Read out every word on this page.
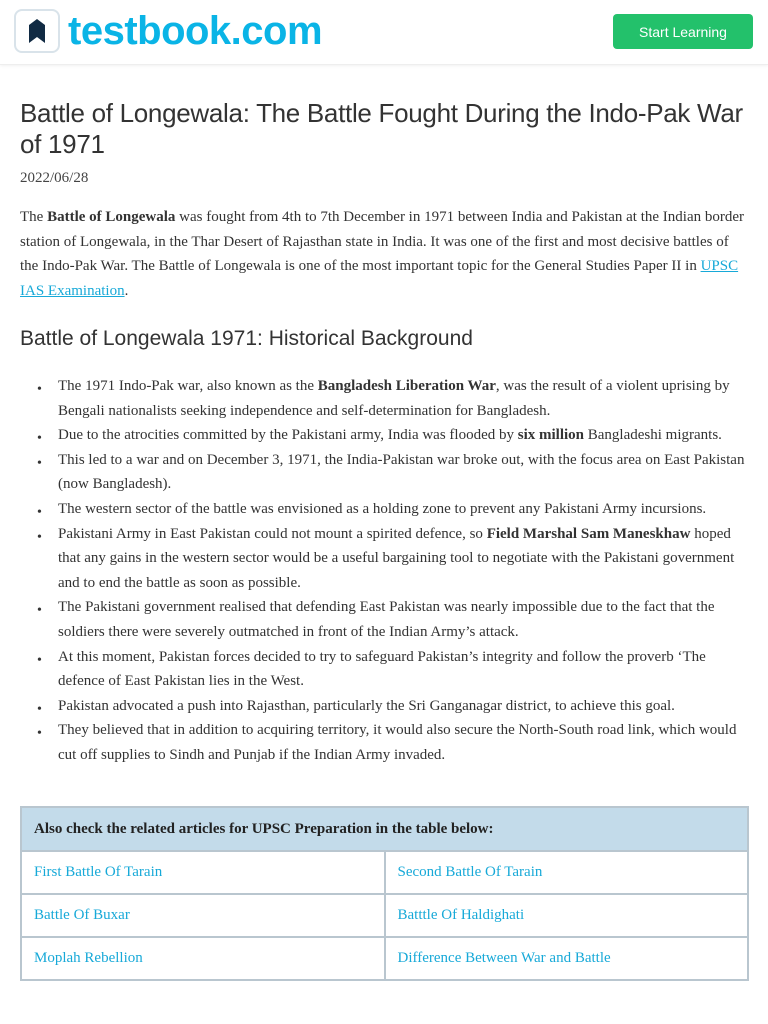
testbook.com	Start Learning
Battle of Longewala: The Battle Fought During the Indo-Pak War of 1971
2022/06/28

The Battle of Longewala was fought from 4th to 7th December in 1971 between India and Pakistan at the Indian border station of Longewala, in the Thar Desert of Rajasthan state in India. It was one of the first and most decisive battles of the Indo-Pak War. The Battle of Longewala is one of the most important topic for the General Studies Paper II in UPSC IAS Examination.

Battle of Longewala 1971: Historical Background
• The 1971 Indo-Pak war, also known as the Bangladesh Liberation War, was the result of a violent uprising by Bengali nationalists seeking independence and self-determination for Bangladesh.
• Due to the atrocities committed by the Pakistani army, India was flooded by six million Bangladeshi migrants.
• This led to a war and on December 3, 1971, the India-Pakistan war broke out, with the focus area on East Pakistan (now Bangladesh).
• The western sector of the battle was envisioned as a holding zone to prevent any Pakistani Army incursions.
• Pakistani Army in East Pakistan could not mount a spirited defence, so Field Marshal Sam Maneskhaw hoped that any gains in the western sector would be a useful bargaining tool to negotiate with the Pakistani government and to end the battle as soon as possible.
• The Pakistani government realised that defending East Pakistan was nearly impossible due to the fact that the soldiers there were severely outmatched in front of the Indian Army’s attack.
• At this moment, Pakistan forces decided to try to safeguard Pakistan’s integrity and follow the proverb ‘The defence of East Pakistan lies in the West.
• Pakistan advocated a push into Rajasthan, particularly the Sri Ganganagar district, to achieve this goal.
• They believed that in addition to acquiring territory, it would also secure the North-South road link, which would cut off supplies to Sindh and Punjab if the Indian Army invaded.
Also check the related articles for UPSC Preparation in the table below:	
First Battle Of Tarain	Second Battle Of Tarain
Battle Of Buxar	Batttle Of Haldighati
Moplah Rebellion	Difference Between War and Battle
